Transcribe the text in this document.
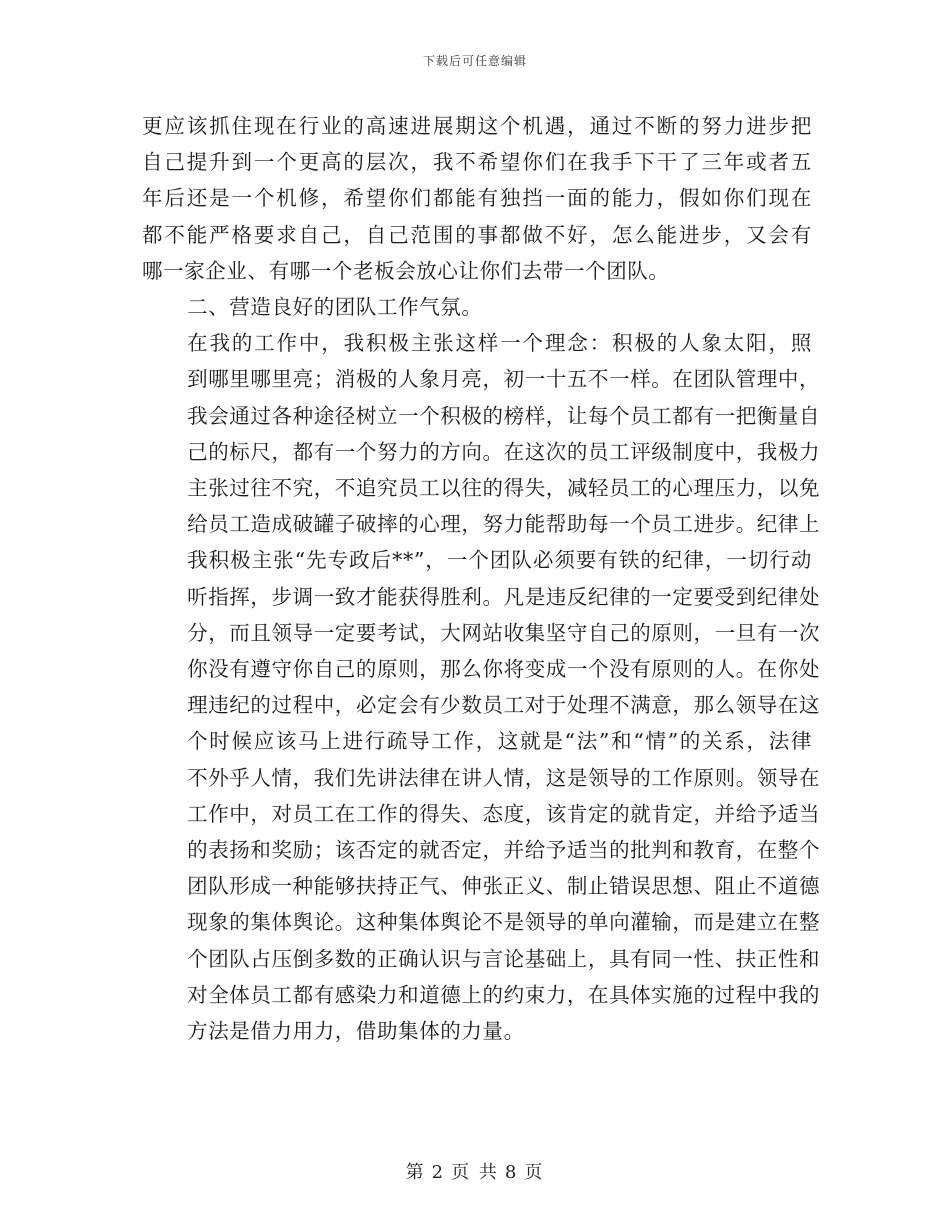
下载后可任意编辑
更应该抓住现在行业的高速进展期这个机遇，通过不断的努力进步把
自己提升到一个更高的层次，我不希望你们在我手下干了三年或者五
年后还是一个机修，希望你们都能有独挡一面的能力，假如你们现在
都不能严格要求自己，自己范围的事都做不好，怎么能进步，又会有
哪一家企业、有哪一个老板会放心让你们去带一个团队。
二、营造良好的团队工作气氛。
在我的工作中，我积极主张这样一个理念：积极的人象太阳，照
到哪里哪里亮；消极的人象月亮，初一十五不一样。在团队管理中，
我会通过各种途径树立一个积极的榜样，让每个员工都有一把衡量自
己的标尺，都有一个努力的方向。在这次的员工评级制度中，我极力
主张过往不究，不追究员工以往的得失，减轻员工的心理压力，以免
给员工造成破罐子破摔的心理，努力能帮助每一个员工进步。纪律上
我积极主张“先专政后**”，一个团队必须要有铁的纪律，一切行动
听指挥，步调一致才能获得胜利。凡是违反纪律的一定要受到纪律处
分，而且领导一定要考试，大网站收集坚守自己的原则，一旦有一次
你没有遵守你自己的原则，那么你将变成一个没有原则的人。在你处
理违纪的过程中，必定会有少数员工对于处理不满意，那么领导在这
个时候应该马上进行疏导工作，这就是“法”和“情”的关系，法律
不外乎人情，我们先讲法律在讲人情，这是领导的工作原则。领导在
工作中，对员工在工作的得失、态度，该肯定的就肯定，并给予适当
的表扬和奖励；该否定的就否定，并给予适当的批判和教育，在整个
团队形成一种能够扶持正气、伸张正义、制止错误思想、阻止不道德
现象的集体舆论。这种集体舆论不是领导的单向灌输，而是建立在整
个团队占压倒多数的正确认识与言论基础上，具有同一性、扶正性和
对全体员工都有感染力和道德上的约束力，在具体实施的过程中我的
方法是借力用力，借助集体的力量。
第 2 页 共 8 页
